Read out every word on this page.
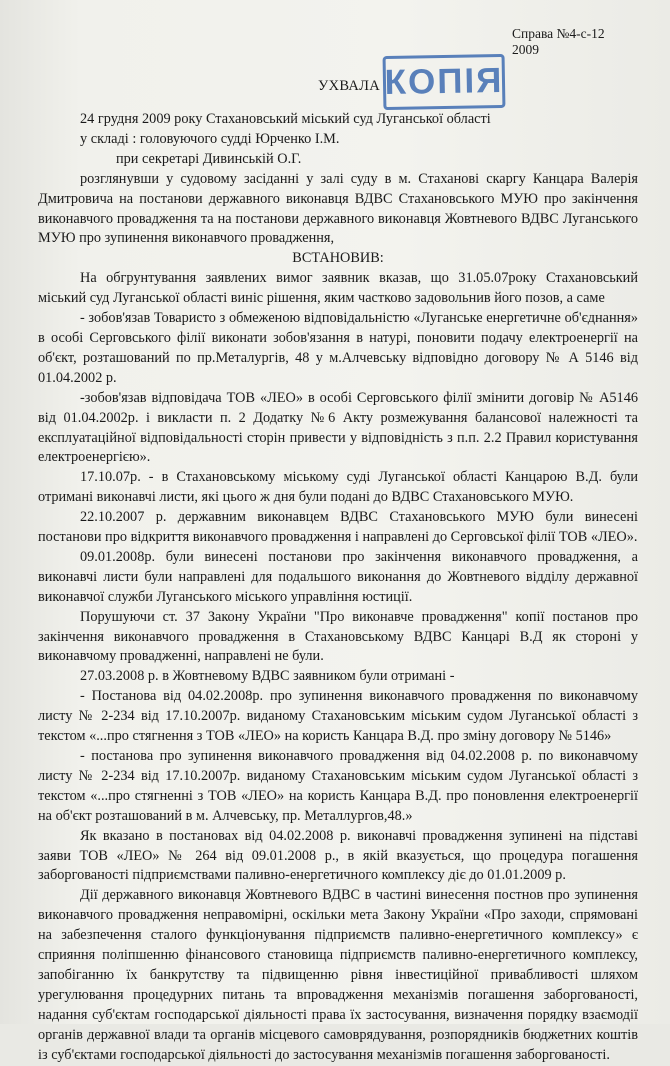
Справа №4-с-12
2009
УХВАЛА КОПІЯ

24 грудня 2009 року Стахановський міський суд Луганської області

у складі : головуючого судді Юрченко І.М.

при секретарі Дивинській О.Г.

розглянувши у судовому засіданні у залі суду в м. Стаханові скаргу Канцара Валерія Дмитровича на постанови державного виконавця ВДВС Стахановського МУЮ про закінчення виконавчого провадження та на постанови державного виконавця Жовтневого ВДВС Луганського МУЮ про зупинення виконавчого провадження,

ВСТАНОВИВ:

На обгрунтування заявлених вимог заявник вказав, що 31.05.07року Стахановський міський суд Луганської області виніс рішення, яким частково задовольнив його позов, а саме

- зобов'язав Товаристо з обмеженою відповідальністю «Луганське енергетичне об'єднання» в особі Серговського філії виконати зобов'язання в натурі, поновити подачу електроенергії на об'єкт, розташований по пр.Металургів, 48 у м.Алчевську відповідно договору № А 5146 від 01.04.2002 р.

-зобов'язав відповідача ТОВ «ЛЕО» в особі Серговського філії змінити договір № А5146 від 01.04.2002р. і викласти п. 2 Додатку №6 Акту розмежування балансової належності та експлуатаційної відповідальності сторін привести у відповідність з п.п. 2.2 Правил користування електроенергією».

17.10.07р. - в Стахановському міському суді Луганської області Канцарою В.Д. були отримані виконавчі листи, які цього ж дня були подані до ВДВС Стахановського МУЮ.

22.10.2007 р. державним виконавцем ВДВС Стахановського МУЮ були винесені постанови про відкриття виконавчого провадження і направлені до Серговської філії ТОВ «ЛЕО».

09.01.2008р. були винесені постанови про закінчення виконавчого провадження, а виконавчі листи були направлені для подальшого виконання до Жовтневого відділу державної виконавчої служби Луганського міського управління юстиції.

Порушуючи ст. 37 Закону України "Про виконавче провадження" копії постанов про закінчення виконавчого провадження в Стахановському ВДВС Канцарі В.Д як стороні у виконавчому провадженні, направлені не були.

27.03.2008 р. в Жовтневому ВДВС заявником були отримані -

- Постанова від 04.02.2008р. про зупинення виконавчого провадження по виконавчому листу № 2-234 від 17.10.2007р. виданому Стахановським міським судом Луганської області з текстом «...про стягнення з ТОВ «ЛЕО» на користь Канцара В.Д. про зміну договору № 5146»

- постанова про зупинення виконавчого провадження від 04.02.2008 р. по виконавчому листу № 2-234 від 17.10.2007р. виданому Стахановським міським судом Луганської області з текстом «...про стягненні з ТОВ «ЛЕО» на користь Канцара В.Д. про поновлення електроенергії на об'єкт розташований в м. Алчевську, пр. Металлургов,48.»

Як вказано в постановах від 04.02.2008 р. виконавчі провадження зупинені на підставі заяви ТОВ «ЛЕО» № 264 від 09.01.2008 р., в якій вказується, що процедура погашення заборгованості підприємствами паливно-енергетичного комплексу діє до 01.01.2009 р.

Дії державного виконавця Жовтневого ВДВС в частині винесення постнов про зупинення виконавчого провадження неправомірні, оскільки мета Закону України «Про заходи, спрямовані на забезпечення сталого функціонування підприємств паливно-енергетичного комплексу» є сприяння поліпшенню фінансового становища підприємств паливно-енергетичного комплексу, запобіганню їх банкрутству та підвищенню рівня інвестиційної привабливості шляхом урегулювання процедурних питань та впровадження механізмів погашення заборгованості, надання суб'єктам господарської діяльності права їх застосування, визначення порядку взаємодії органів державної влади та органів місцевого самоврядування, розпорядників бюджетних коштів із суб'єктами господарської діяльності до застосування механізмів погашення заборгованості.
